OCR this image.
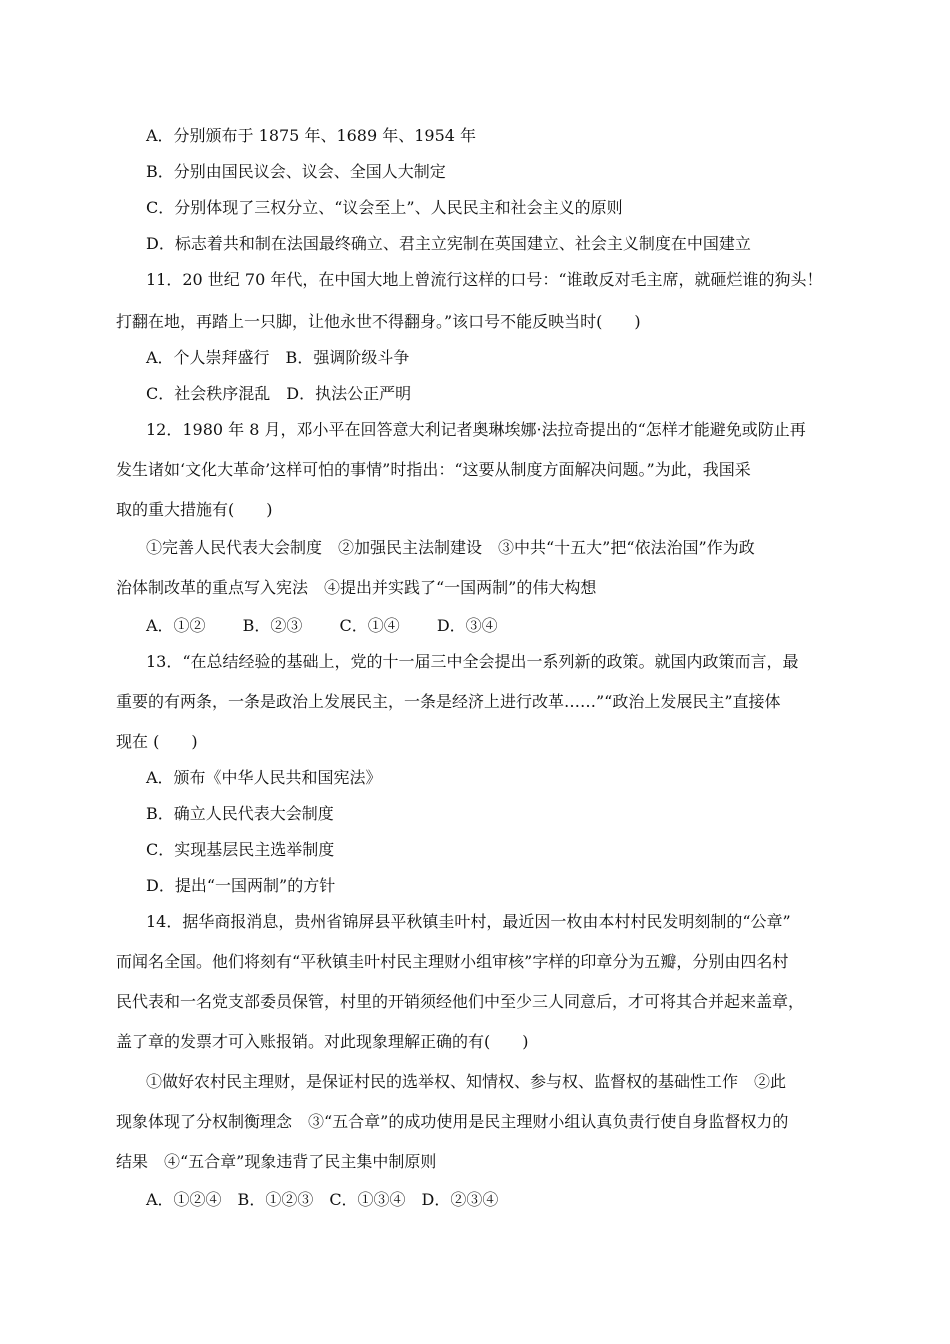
A．分别颁布于 1875 年、1689 年、1954 年
B．分别由国民议会、议会、全国人大制定
C．分别体现了三权分立、“议会至上”、人民民主和社会主义的原则
D．标志着共和制在法国最终确立、君主立宪制在英国建立、社会主义制度在中国建立
11．20 世纪 70 年代，在中国大地上曾流行这样的口号：“谁敢反对毛主席，就砸烂谁的狗头！
打翻在地，再踏上一只脚，让他永世不得翻身。”该口号不能反映当时(　　)
A．个人崇拜盛行　B．强调阶级斗争
C．社会秩序混乱　D．执法公正严明
12．1980 年 8 月，邓小平在回答意大利记者奥琳埃娜·法拉奇提出的“怎样才能避免或防止再
发生诸如‘文化大革命’这样可怕的事情”时指出：“这要从制度方面解决问题。”为此，我国采
取的重大措施有(　　)
①完善人民代表大会制度　②加强民主法制建设　③中共“十五大”把“依法治国”作为政
治体制改革的重点写入宪法　④提出并实践了“一国两制”的伟大构想
A．①②　　 B．②③　　 C．①④　　 D．③④
13．“在总结经验的基础上，党的十一届三中全会提出一系列新的政策。就国内政策而言，最
重要的有两条，一条是政治上发展民主，一条是经济上进行改革……”“政治上发展民主”直接体
现在 (　　)
A．颁布《中华人民共和国宪法》
B．确立人民代表大会制度
C．实现基层民主选举制度
D．提出“一国两制”的方针
14．据华商报消息，贵州省锦屏县平秋镇圭叶村，最近因一枚由本村村民发明刻制的“公章”
而闻名全国。他们将刻有“平秋镇圭叶村民主理财小组审核”字样的印章分为五瓣，分别由四名村
民代表和一名党支部委员保管，村里的开销须经他们中至少三人同意后，才可将其合并起来盖章，
盖了章的发票才可入账报销。对此现象理解正确的有(　　)
①做好农村民主理财，是保证村民的选举权、知情权、参与权、监督权的基础性工作　②此
现象体现了分权制衡理念　③“五合章”的成功使用是民主理财小组认真负责行使自身监督权力的
结果　④“五合章”现象违背了民主集中制原则
A．①②④　B．①②③　C．①③④　D．②③④
